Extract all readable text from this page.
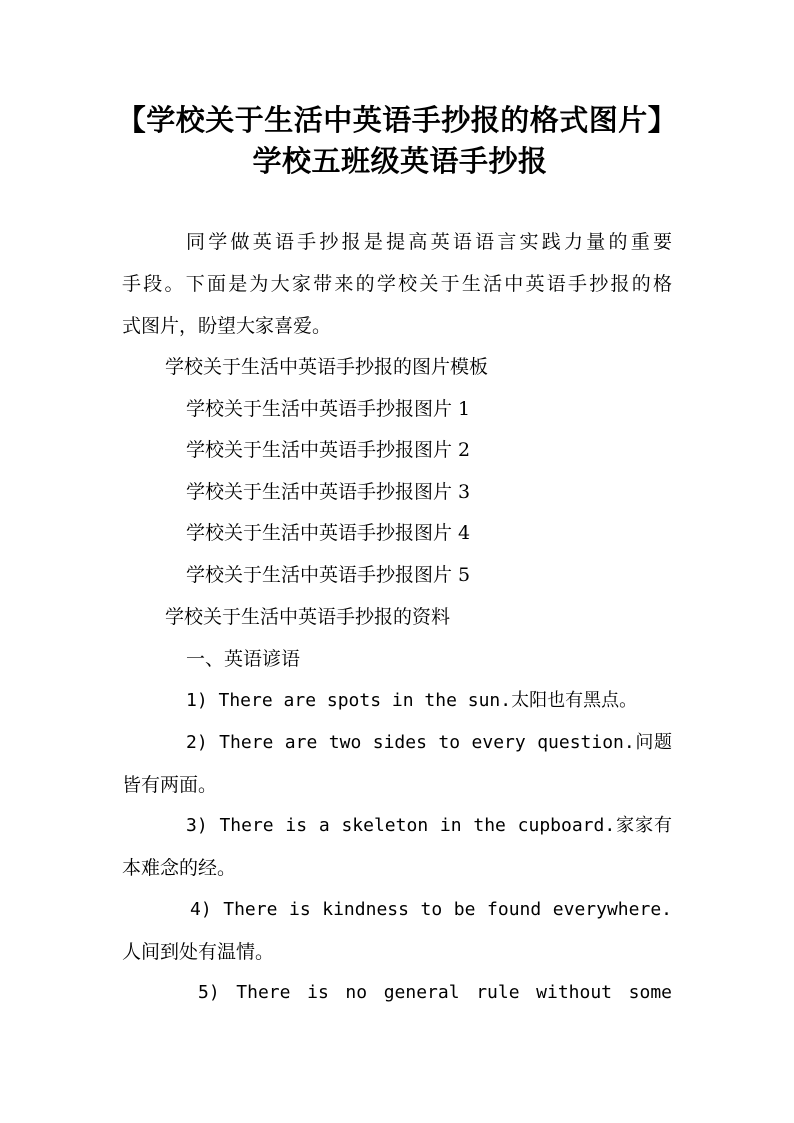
【学校关于生活中英语手抄报的格式图片】
学校五班级英语手抄报
同学做英语手抄报是提高英语语言实践力量的重要
手段。下面是为大家带来的学校关于生活中英语手抄报的格
式图片，盼望大家喜爱。
学校关于生活中英语手抄报的图片模板
学校关于生活中英语手抄报图片 1
学校关于生活中英语手抄报图片 2
学校关于生活中英语手抄报图片 3
学校关于生活中英语手抄报图片 4
学校关于生活中英语手抄报图片 5
学校关于生活中英语手抄报的资料
一、英语谚语
1) There are spots in the sun.太阳也有黑点。
2) There are two sides to every question.问题
皆有两面。
3) There is a skeleton in the cupboard.家家有
本难念的经。
4) There is kindness to be found everywhere.
人间到处有温情。
5) There is no general rule without some
